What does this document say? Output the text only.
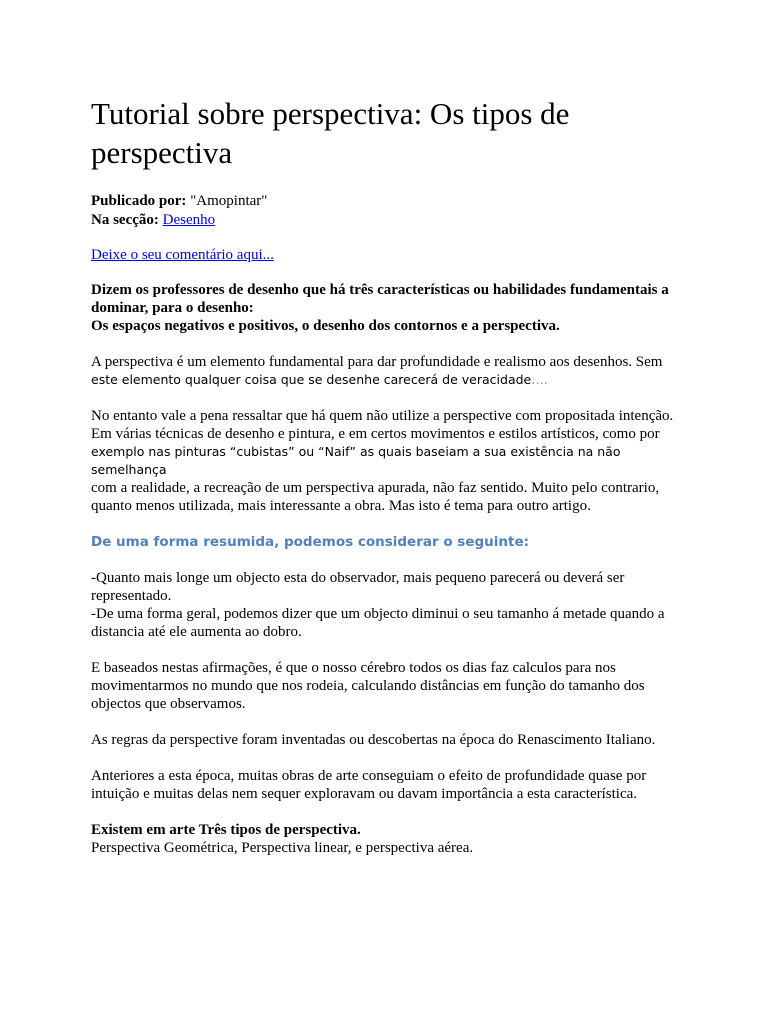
Tutorial sobre perspectiva: Os tipos de perspectiva
Publicado por: "Amopintar"
Na secção: Desenho
Deixe o seu comentário aqui...

Dizem os professores de desenho que há três características ou habilidades fundamentais a dominar, para o desenho:
Os espaços negativos e positivos, o desenho dos contornos e a perspectiva.

A perspectiva é um elemento fundamental para dar profundidade e realismo aos desenhos. Sem
este elemento qualquer coisa que se desenhe carecerá de veracidade….

No entanto vale a pena ressaltar que há quem não utilize a perspective com propositada intenção. Em várias técnicas de desenho e pintura, e em certos movimentos e estilos artísticos, como por
exemplo nas pinturas “cubistas” ou “Naif” as quais baseiam a sua existência na não semelhança
com a realidade, a recreação de um perspectiva apurada, não faz sentido. Muito pelo contrario, quanto menos utilizada, mais interessante a obra. Mas isto é tema para outro artigo.

De uma forma resumida, podemos considerar o seguinte:

-Quanto mais longe um objecto esta do observador, mais pequeno parecerá ou deverá ser representado.
-De uma forma geral, podemos dizer que um objecto diminui o seu tamanho á metade quando a distancia até ele aumenta ao dobro.

E baseados nestas afirmações, é que o nosso cérebro todos os dias faz calculos para nos movimentarmos no mundo que nos rodeia, calculando distâncias em função do tamanho dos objectos que observamos.

As regras da perspective foram inventadas ou descobertas na época do Renascimento Italiano.

Anteriores a esta época, muitas obras de arte conseguiam o efeito de profundidade quase por intuição e muitas delas nem sequer exploravam ou davam importância a esta característica.

Existem em arte Três tipos de perspectiva.
Perspectiva Geométrica, Perspectiva linear, e perspectiva aérea.
